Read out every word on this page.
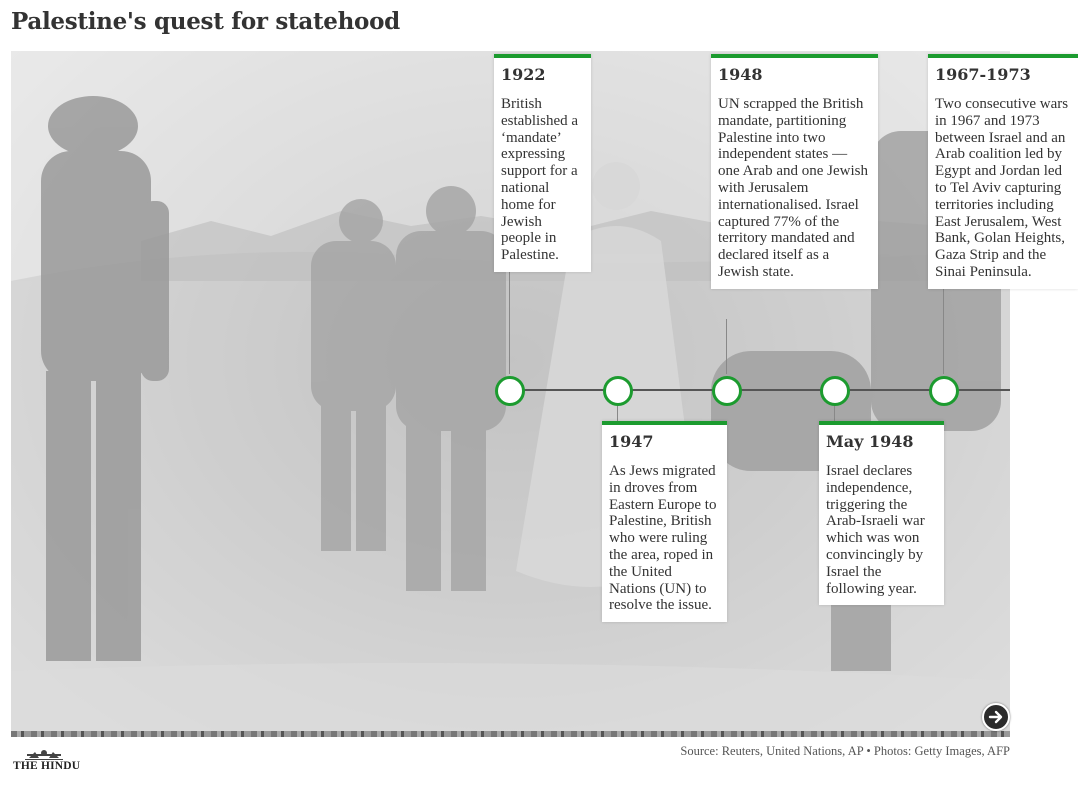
Palestine's quest for statehood
1922
British established a ‘mandate’ expressing support for a national home for Jewish people in Palestine.
1947
As Jews migrated in droves from Eastern Europe to Palestine, British who were ruling the area, roped in the United Nations (UN) to resolve the issue.
1948
UN scrapped the British mandate, partitioning Palestine into two independent states — one Arab and one Jewish with Jerusalem internationalised. Israel captured 77% of the territory mandated and declared itself as a Jewish state.
May 1948
Israel declares independence, triggering the Arab-Israeli war which was won convincingly by Israel the following year.
1967-1973
Two consecutive wars in 1967 and 1973 between Israel and an Arab coalition led by Egypt and Jordan led to Tel Aviv capturing territories including East Jerusalem, West Bank, Golan Heights, Gaza Strip and the Sinai Peninsula.
THE HINDU
Source: Reuters, United Nations, AP • Photos: Getty Images, AFP
